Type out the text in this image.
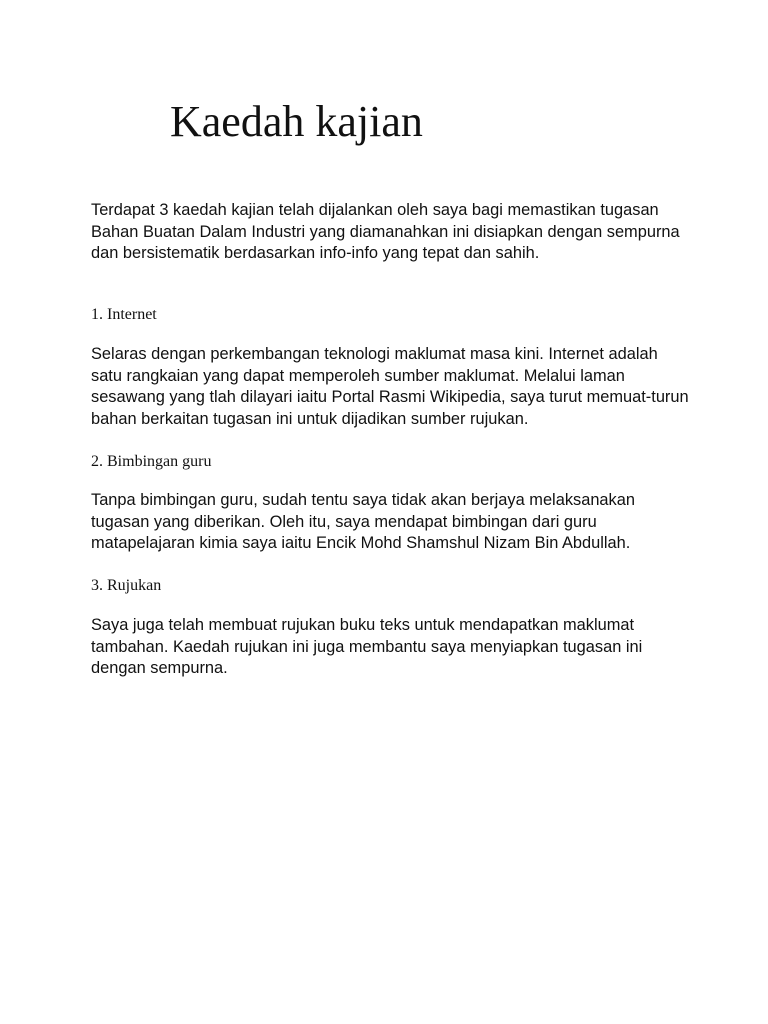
Kaedah kajian

Terdapat 3 kaedah kajian telah dijalankan oleh saya bagi memastikan tugasan Bahan Buatan Dalam Industri yang diamanahkan ini disiapkan dengan sempurna dan bersistematik berdasarkan info-info yang tepat dan sahih.

1. Internet

Selaras dengan perkembangan teknologi maklumat masa kini. Internet adalah satu rangkaian yang dapat memperoleh sumber maklumat. Melalui laman sesawang yang tlah dilayari iaitu Portal Rasmi Wikipedia, saya turut memuat-turun bahan berkaitan tugasan ini untuk dijadikan sumber rujukan.

2. Bimbingan guru

Tanpa bimbingan guru, sudah tentu saya tidak akan berjaya melaksanakan tugasan yang diberikan. Oleh itu, saya mendapat bimbingan dari guru matapelajaran kimia saya iaitu Encik Mohd Shamshul Nizam Bin Abdullah.

3. Rujukan

Saya juga telah membuat rujukan buku teks untuk mendapatkan maklumat tambahan. Kaedah rujukan ini juga membantu saya menyiapkan tugasan ini dengan sempurna.
